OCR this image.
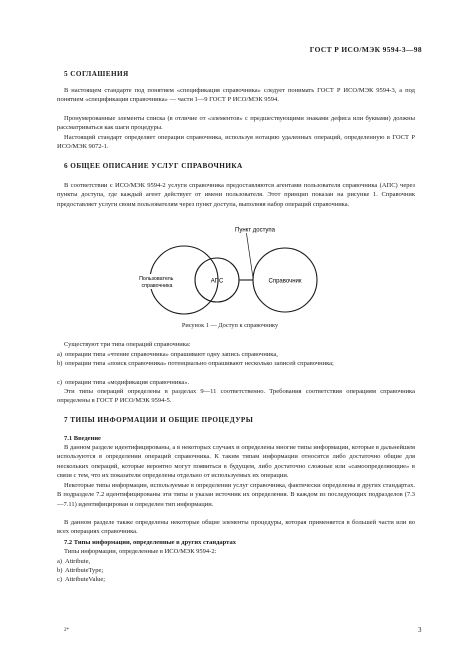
ГОСТ Р ИСО/МЭК 9594-3—98
5 СОГЛАШЕНИЯ

В настоящем стандарте под понятием «спецификация справочника» следует понимать ГОСТ Р ИСО/МЭК 9594-3, а под понятием «спецификация справочника» — части 1—9 ГОСТ Р ИСО/МЭК 9594.

Пронумерованные элементы списка (в отличие от «элементов» с предшествующими знаками дефиса или буквами) должны рассматриваться как шаги процедуры.

Настоящий стандарт определяет операции справочника, используя нотацию удаленных операций, определенную в ГОСТ Р ИСО/МЭК 9072-1.

6 ОБЩЕЕ ОПИСАНИЕ УСЛУГ СПРАВОЧНИКА

В соответствии с ИСО/МЭК 9594-2 услуги справочника предоставляются агентами пользователя справочника (АПС) через пункты доступа, где каждый агент действует от имени пользователя. Этот принцип показан на рисунке 1. Справочник предоставляет услуги своим пользователям через пункт доступа, выполняя набор операций справочника.

Пункт доступа
Пользователь справочника
АПС	Справочник
Рисунок 1 — Доступ к справочнику

Существуют три типа операций справочника:

a) операции типа «чтение справочника» опрашивают одну запись справочника,
b) операции типа «поиск справочника» потенциально опрашивают несколько записей справочника;
c) операции типа «модификация справочника».

Эти типы операций определены в разделах 9—11 соответственно. Требования соответствия операциям справочника определены в ГОСТ Р ИСО/МЭК 9594-5.

7 ТИПЫ ИНФОРМАЦИИ И ОБЩИЕ ПРОЦЕДУРЫ
7.1 Введение

В данном разделе идентифицированы, а в некоторых случаях и определены многие типы информации, которые в дальнейшем используются в определении операций справочника. К таким типам информации относятся либо достаточно общие для нескольких операций, которые вероятно могут появиться в будущем, либо достаточно сложные или «самоопределяющие» в связи с тем, что их показатели определены отдельно от используемых их операции.

Некоторые типы информации, используемые в определении услуг справочника, фактически определены в других стандартах. В подразделе 7.2 идентифицированы эти типы и указан источник их определения. В каждом из последующих подразделов (7.3—7.11) идентифицирован и определен тип информации.

В данном разделе также определены некоторые общие элементы процедуры, которая применяется в большей части или во всех операциях справочника.

7.2 Типы информации, определенные в других стандартах

Типы информации, определенные в ИСО/МЭК 9594-2:

a) Attribute,
b) AttributeType;
c) AttributeValue;
2*	3
